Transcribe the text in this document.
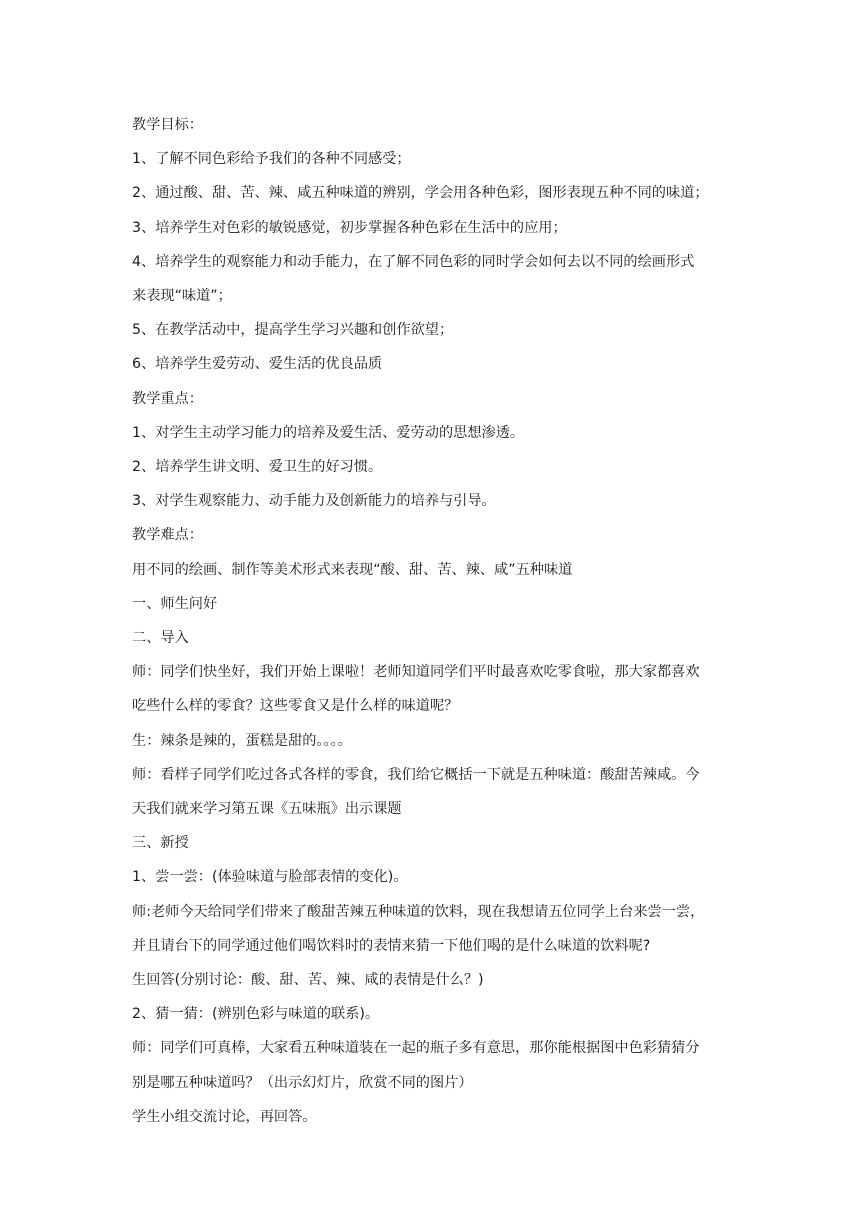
教学目标：

1、了解不同色彩给予我们的各种不同感受；

2、通过酸、甜、苦、辣、咸五种味道的辨别，学会用各种色彩，图形表现五种不同的味道；

3、培养学生对色彩的敏锐感觉，初步掌握各种色彩在生活中的应用；

4、培养学生的观察能力和动手能力，在了解不同色彩的同时学会如何去以不同的绘画形式

来表现“味道”；

5、在教学活动中，提高学生学习兴趣和创作欲望；

6、培养学生爱劳动、爱生活的优良品质

教学重点：

1、对学生主动学习能力的培养及爱生活、爱劳动的思想渗透。

2、培养学生讲文明、爱卫生的好习惯。

3、对学生观察能力、动手能力及创新能力的培养与引导。

教学难点：

用不同的绘画、制作等美术形式来表现“酸、甜、苦、辣、咸”五种味道

一、师生问好

二、导入

师：同学们快坐好，我们开始上课啦！老师知道同学们平时最喜欢吃零食啦，那大家都喜欢

吃些什么样的零食？这些零食又是什么样的味道呢？

生：辣条是辣的，蛋糕是甜的。。。。

师：看样子同学们吃过各式各样的零食，我们给它概括一下就是五种味道：酸甜苦辣咸。今

天我们就来学习第五课《五味瓶》出示课题

三、新授

1、尝一尝：(体验味道与脸部表情的变化)。

师:老师今天给同学们带来了酸甜苦辣五种味道的饮料，现在我想请五位同学上台来尝一尝，

并且请台下的同学通过他们喝饮料时的表情来猜一下他们喝的是什么味道的饮料呢?

生回答(分别讨论：酸、甜、苦、辣、咸的表情是什么？)

2、猜一猜：(辨别色彩与味道的联系)。

师：同学们可真棒，大家看五种味道装在一起的瓶子多有意思，那你能根据图中色彩猜猜分

别是哪五种味道吗？（出示幻灯片，欣赏不同的图片）

学生小组交流讨论，再回答。
